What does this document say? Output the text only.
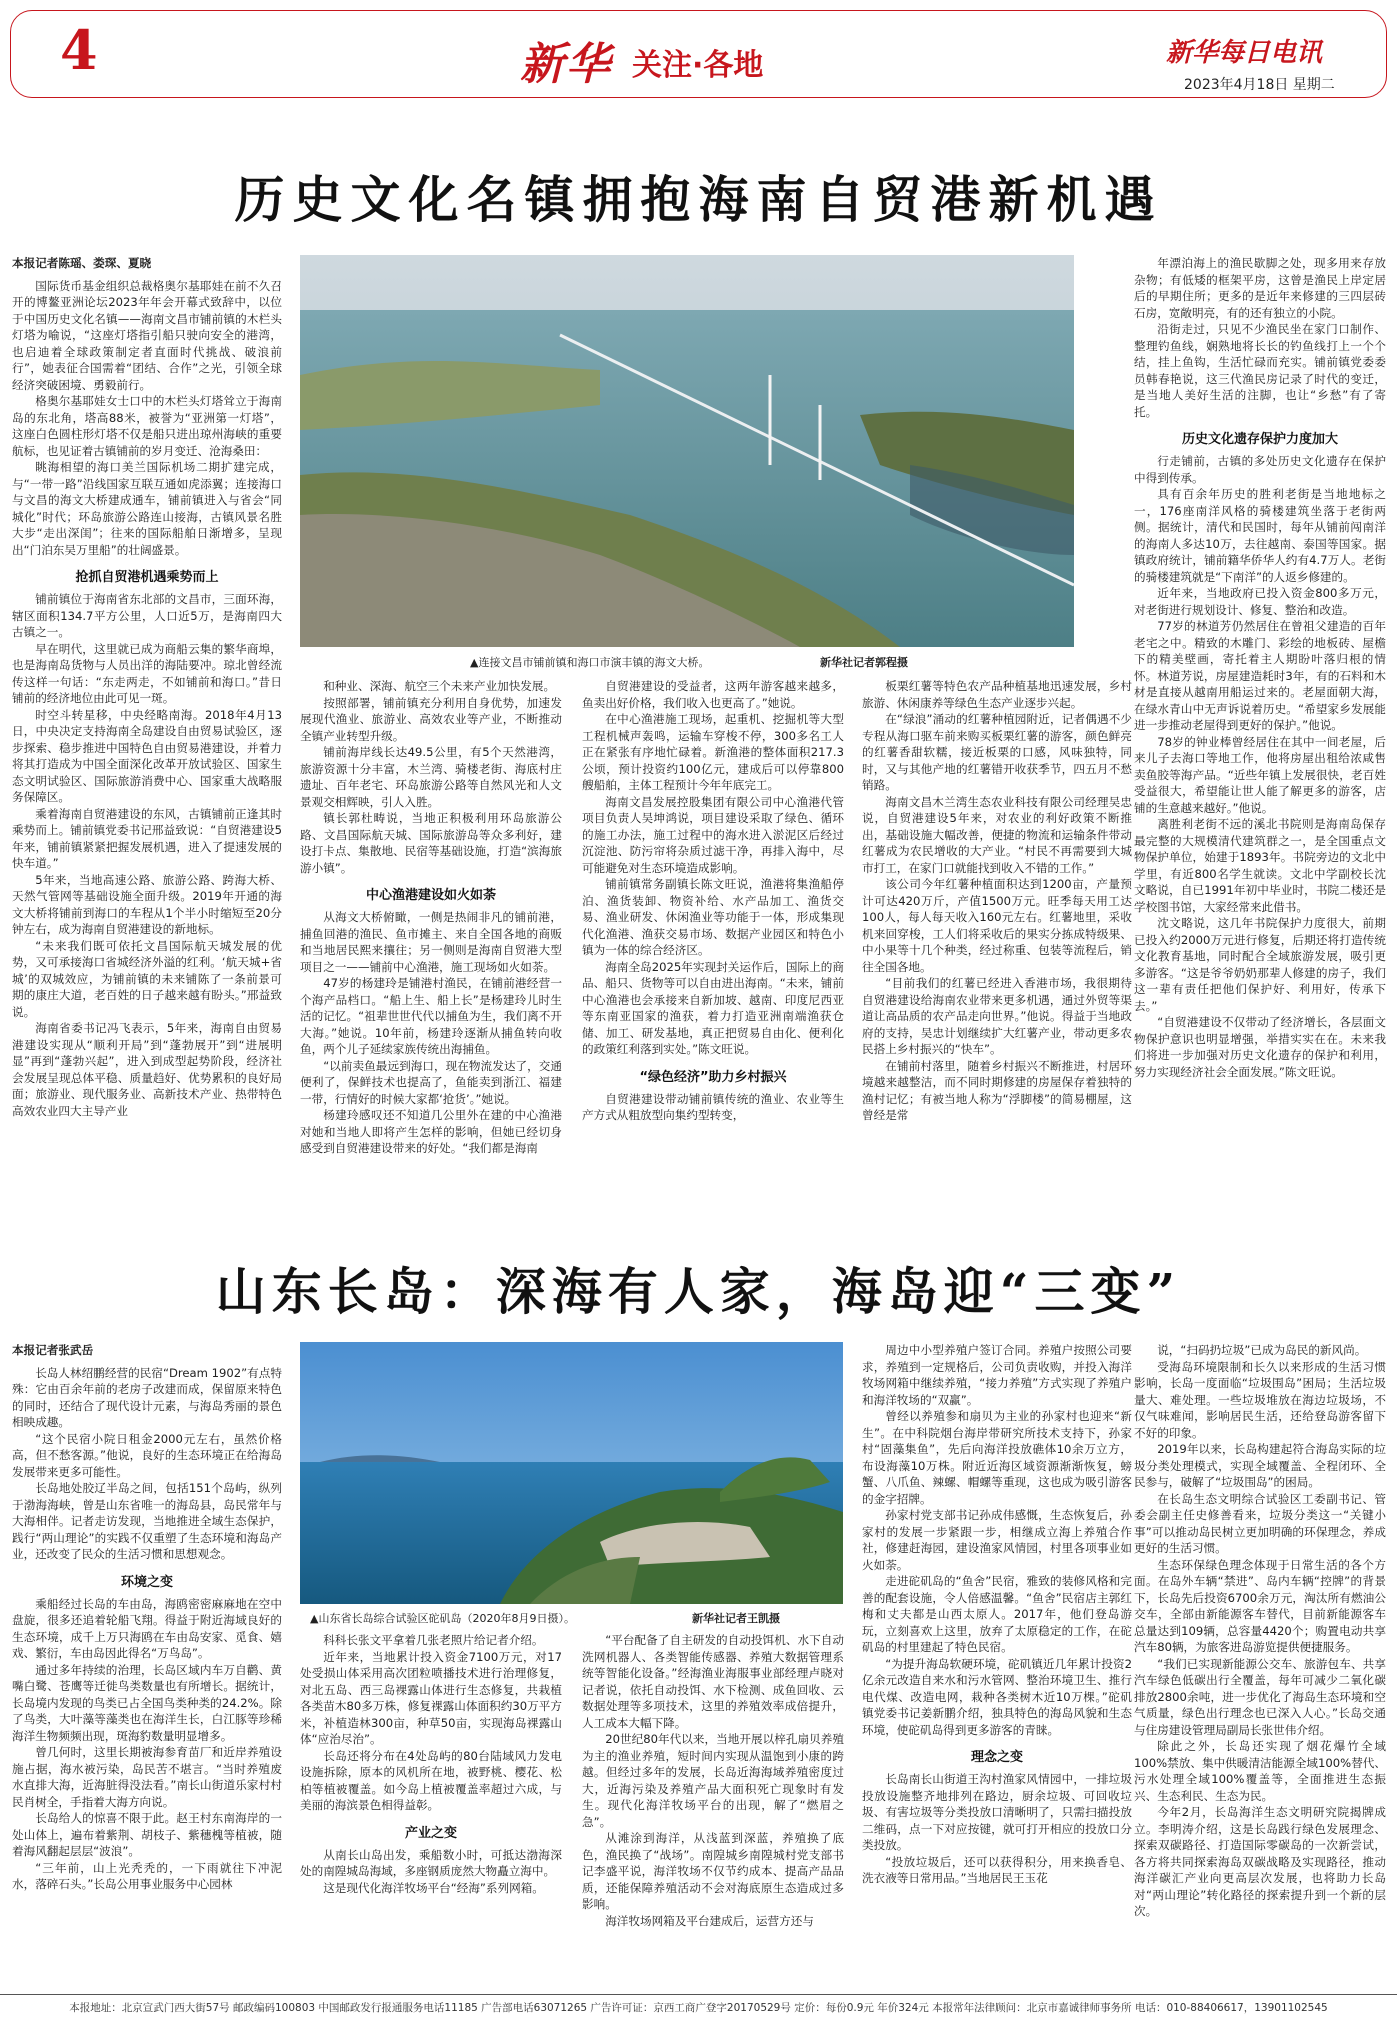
4	新华 关注·各地	新华每日电讯
2023年4月18日 星期二
历史文化名镇拥抱海南自贸港新机遇
▲连接文昌市铺前镇和海口市演丰镇的海文大桥。	新华社记者郭程摄

本报记者陈瑶、娄琛、夏晓

国际货币基金组织总裁格奥尔基耶娃在前不久召开的博鳌亚洲论坛2023年年会开幕式致辞中，以位于中国历史文化名镇——海南文昌市铺前镇的木栏头灯塔为喻说，“这座灯塔指引船只驶向安全的港湾，也启迪着全球政策制定者直面时代挑战、破浪前行”，她表征合国需着“团结、合作”之光，引领全球经济突破困境、勇毅前行。

格奥尔基耶娃女士口中的木栏头灯塔耸立于海南岛的东北角，塔高88米，被誉为“亚洲第一灯塔”，这座白色圆柱形灯塔不仅是船只进出琼州海峡的重要航标，也见证着古镇铺前的岁月变迁、沧海桑田：

眺海相望的海口美兰国际机场二期扩建完成，与“一带一路”沿线国家互联互通如虎添翼；连接海口与文昌的海文大桥建成通车，铺前镇进入与省会“同城化”时代；环岛旅游公路连山接海，古镇风景名胜大步“走出深闺”；往来的国际船舶日渐增多，呈现出“门泊东吴万里船”的壮阔盛景。

抢抓自贸港机遇乘势而上

铺前镇位于海南省东北部的文昌市，三面环海，辖区面积134.7平方公里，人口近5万，是海南四大古镇之一。

早在明代，这里就已成为商船云集的繁华商埠，也是海南岛货物与人员出洋的海陆要冲。琼北曾经流传这样一句话：“东走两走，不如铺前和海口。”昔日铺前的经济地位由此可见一斑。

时空斗转星移，中央经略南海。2018年4月13日，中央决定支持海南全岛建设自由贸易试验区，逐步探索、稳步推进中国特色自由贸易港建设，并着力将其打造成为中国全面深化改革开放试验区、国家生态文明试验区、国际旅游消费中心、国家重大战略服务保障区。

乘着海南自贸港建设的东风，古镇铺前正逢其时乘势而上。铺前镇党委书记邢益致说：“自贸港建设5年来，铺前镇紧紧把握发展机遇，进入了提速发展的快车道。”

5年来，当地高速公路、旅游公路、跨海大桥、天然气管网等基础设施全面升级。2019年开通的海文大桥将铺前到海口的车程从1个半小时缩短至20分钟左右，成为海南自贸港建设的新地标。

“未来我们既可依托文昌国际航天城发展的优势，又可承接海口省城经济外溢的红利。‘航天城+省城’的双城效应，为铺前镇的未来铺陈了一条前景可期的康庄大道，老百姓的日子越来越有盼头。”邢益致说。

海南省委书记冯飞表示，5年来，海南自由贸易港建设实现从“顺利开局”到“蓬勃展开”到“进展明显”再到“蓬勃兴起”，进入到成型起势阶段，经济社会发展呈现总体平稳、质量趋好、优势累积的良好局面；旅游业、现代服务业、高新技术产业、热带特色高效农业四大主导产业

和种业、深海、航空三个未来产业加快发展。

按照部署，铺前镇充分利用自身优势，加速发展现代渔业、旅游业、高效农业等产业，不断推动全镇产业转型升级。

铺前海岸线长达49.5公里，有5个天然港湾，旅游资源十分丰富，木兰湾、骑楼老街、海底村庄遗址、百年老宅、环岛旅游公路等自然风光和人文景观交相辉映，引人入胜。

镇长郭杜畴说，当地正积极利用环岛旅游公路、文昌国际航天城、国际旅游岛等众多利好，建设打卡点、集散地、民宿等基础设施，打造“滨海旅游小镇”。

中心渔港建设如火如荼

从海文大桥俯瞰，一侧是热闹非凡的铺前港，捕鱼回港的渔民、鱼市摊主、来自全国各地的商贩和当地居民熙来攘往；另一侧则是海南自贸港大型项目之一——铺前中心渔港，施工现场如火如荼。

47岁的杨建玲是铺港村渔民，在铺前港经营一个海产品档口。“船上生、船上长”是杨建玲儿时生活的记忆。“祖辈世世代代以捕鱼为生，我们离不开大海。”她说。10年前，杨建玲逐渐从捕鱼转向收鱼，两个儿子延续家族传统出海捕鱼。

“以前卖鱼最远到海口，现在物流发达了，交通便利了，保鲜技术也提高了，鱼能卖到浙江、福建一带，行情好的时候大家都‘抢货’。”她说。

杨建玲感叹还不知道几公里外在建的中心渔港对她和当地人即将产生怎样的影响，但她已经切身感受到自贸港建设带来的好处。“我们都是海南

自贸港建设的受益者，这两年游客越来越多，鱼卖出好价格，我们收入也更高了。”她说。

在中心渔港施工现场，起重机、挖掘机等大型工程机械声轰鸣，运输车穿梭不停，300多名工人正在紧张有序地忙碌着。新渔港的整体面积217.3公顷，预计投资约100亿元，建成后可以停靠800艘船舶，主体工程预计今年年底完工。

海南文昌发展控股集团有限公司中心渔港代管项目负责人吴坤鸿说，项目建设采取了绿色、循环的施工办法，施工过程中的海水进入淤泥区后经过沉淀池、防污帘将杂质过滤干净，再排入海中，尽可能避免对生态环境造成影响。

铺前镇常务副镇长陈文旺说，渔港将集渔船停泊、渔货装卸、物资补给、水产品加工、渔货交易、渔业研发、休闲渔业等功能于一体，形成集现代化渔港、渔获交易市场、数据产业园区和特色小镇为一体的综合经济区。

海南全岛2025年实现封关运作后，国际上的商品、船只、货物等可以自由进出海南。“未来，铺前中心渔港也会承接来自新加坡、越南、印度尼西亚等东南亚国家的渔获，着力打造亚洲南端渔获仓储、加工、研发基地，真正把贸易自由化、便利化的政策红利落到实处。”陈文旺说。

“绿色经济”助力乡村振兴

自贸港建设带动铺前镇传统的渔业、农业等生产方式从粗放型向集约型转变，

板栗红薯等特色农产品种植基地迅速发展，乡村旅游、休闲康养等绿色生态产业逐步兴起。

在“绿浪”涌动的红薯种植园附近，记者偶遇不少专程从海口驱车前来购买板栗红薯的游客，颜色鲜亮的红薯香甜软糯，接近板栗的口感，风味独特，同时，又与其他产地的红薯错开收获季节，四五月不愁销路。

海南文昌木兰湾生态农业科技有限公司经理吴忠说，自贸港建设5年来，对农业的利好政策不断推出，基础设施大幅改善，便捷的物流和运输条件带动红薯成为农民增收的大产业。“村民不再需要到大城市打工，在家门口就能找到收入不错的工作。”

该公司今年红薯种植面积达到1200亩，产量预计可达420万斤，产值1500万元。旺季每天用工达100人，每人每天收入160元左右。红薯地里，采收机来回穿梭，工人们将采收后的果实分拣成特级果、中小果等十几个种类，经过称重、包装等流程后，销往全国各地。

“目前我们的红薯已经进入香港市场，我很期待自贸港建设给海南农业带来更多机遇，通过外贸等渠道让高品质的农产品走向世界。”他说。得益于当地政府的支持，吴忠计划继续扩大红薯产业，带动更多农民搭上乡村振兴的“快车”。

在铺前村落里，随着乡村振兴不断推进，村居环境越来越整洁，而不同时期修建的房屋保存着独特的渔村记忆；有被当地人称为“浮脚楼”的简易棚屋，这曾经是常

年漂泊海上的渔民歇脚之处，现多用来存放杂物；有低矮的框架平房，这曾是渔民上岸定居后的早期住所；更多的是近年来修建的三四层砖石房，宽敞明亮，有的还有独立的小院。

沿街走过，只见不少渔民坐在家门口制作、整理钓鱼线，娴熟地将长长的钓鱼线打上一个个结，挂上鱼钩，生活忙碌而充实。铺前镇党委委员韩春艳说，这三代渔民房记录了时代的变迁，是当地人美好生活的注脚，也让“乡愁”有了寄托。

历史文化遗存保护力度加大

行走铺前，古镇的多处历史文化遗存在保护中得到传承。

具有百余年历史的胜利老街是当地地标之一，176座南洋风格的骑楼建筑坐落于老街两侧。据统计，清代和民国时，每年从铺前闯南洋的海南人多达10万，去往越南、泰国等国家。据镇政府统计，铺前籍华侨华人约有4.7万人。老街的骑楼建筑就是“下南洋”的人返乡修建的。

近年来，当地政府已投入资金800多万元，对老街进行规划设计、修复、整治和改造。

77岁的林道芳仍然居住在曾祖父建造的百年老宅之中。精致的木雕门、彩绘的地板砖、屋檐下的精美壁画，寄托着主人期盼叶落归根的情怀。林道芳说，房屋建造耗时3年，有的石料和木材是直接从越南用船运过来的。老屋面朝大海，在绿水青山中无声诉说着历史。“希望家乡发展能进一步推动老屋得到更好的保护。”他说。

78岁的钟业棒曾经居住在其中一间老屋，后来儿子去海口等地工作，他将房屋出租给浓咸售卖鱼胶等海产品。“近些年镇上发展很快，老百姓受益很大，希望能让世人能了解更多的游客，店铺的生意越来越好。”他说。

离胜利老街不远的溪北书院则是海南岛保存最完整的大规模清代建筑群之一，是全国重点文物保护单位，始建于1893年。书院旁边的文北中学里，有近800名学生就读。文北中学副校长沈文略说，自已1991年初中毕业时，书院二楼还是学校图书馆，大家经常来此借书。

沈文略说，这几年书院保护力度很大，前期已投入约2000万元进行修复，后期还将打造传统文化教育基地，同时配合全域旅游发展，吸引更多游客。“这是爷爷奶奶那辈人修建的房子，我们这一辈有责任把他们保护好、利用好，传承下去。”

“自贸港建设不仅带动了经济增长，各层面文物保护意识也明显增强，举措实实在在。未来我们将进一步加强对历史文化遗存的保护和利用，努力实现经济社会全面发展。”陈文旺说。

山东长岛：深海有人家，海岛迎“三变”
▲山东省长岛综合试验区砣矶岛（2020年8月9日摄）。	新华社记者王凯摄

本报记者张武岳

长岛人林绍鹏经营的民宿“Dream 1902”有点特殊：它由百余年前的老房子改建而成，保留原来特色的同时，还结合了现代设计元素，与海岛秀丽的景色相映成趣。

“这个民宿小院日租金2000元左右，虽然价格高，但不愁客源。”他说，良好的生态环境正在给海岛发展带来更多可能性。

长岛地处胶辽半岛之间，包括151个岛屿，纵列于渤海海峡，曾是山东省唯一的海岛县，岛民常年与大海相伴。记者走访发现，当地推进全域生态保护，践行“两山理论”的实践不仅重塑了生态环境和海岛产业，还改变了民众的生活习惯和思想观念。

环境之变

乘船经过长岛的车由岛，海鸥密密麻麻地在空中盘旋，很多还追着轮船飞翔。得益于附近海域良好的生态环境，成千上万只海鸥在车由岛安家、觅食、嬉戏、繁衍，车由岛因此得名“万鸟岛”。

通过多年持续的治理，长岛区域内车万自鹳、黄嘴白鹭、苍鹰等迁徙鸟类数量也有所增长。据统计，长岛境内发现的鸟类已占全国鸟类种类的24.2%。除了鸟类，大叶藻等藻类也在海洋生长，白江豚等珍稀海洋生物频频出现，斑海豹数量明显增多。

曾几何时，这里长期被海参育苗厂和近岸养殖设施占据，海水被污染，岛民苦不堪言。“当时养殖废水直排大海，近海脏得没法看。”南长山街道乐家村村民肖树全，手指着大海方向说。

长岛给人的惊喜不限于此。赵王村东南海岸的一处山体上，遍布着紫荆、胡枝子、紫穗槐等植被，随着海风翻起层层“波浪”。

“三年前，山上光秃秃的，一下雨就往下冲泥水，落碎石头。”长岛公用事业服务中心园林

科科长张文平拿着几张老照片给记者介绍。

近年来，当地累计投入资金7100万元，对17处受损山体采用高次团粒喷播技术进行治理修复，对北五岛、西三岛裸露山体进行生态修复，共栽植各类苗木80多万株，修复裸露山体面积约30万平方米，补植造林300亩，种草50亩，实现海岛裸露山体“应治尽治”。

长岛还将分布在4处岛屿的80台陆域风力发电设施拆除，原本的风机所在地，被野桃、樱花、松柏等植被覆盖。如今岛上植被覆盖率超过六成，与美丽的海滨景色相得益彰。

产业之变

从南长山岛出发，乘船数小时，可抵达渤海深处的南隍城岛海域，多座钢质庞然大物矗立海中。

这是现代化海洋牧场平台“经海”系列网箱。

“平台配备了自主研发的自动投饵机、水下自动洗网机器人、各类智能传感器、养殖大数据管理系统等智能化设备。”经海渔业海服事业部经理卢晓对记者说，依托自动投饵、水下检测、成鱼回收、云数据处理等多项技术，这里的养殖效率成倍提升，人工成本大幅下降。

20世纪80年代以来，当地开展以梓孔扇贝养殖为主的渔业养殖，短时间内实现从温饱到小康的跨越。但经过多年的发展，长岛近海海域养殖密度过大，近海污染及养殖产品大面积死亡现象时有发生。现代化海洋牧场平台的出现，解了“燃眉之急”。

从滩涂到海洋，从浅蓝到深蓝，养殖换了底色，渔民换了“战场”。南隍城乡南隍城村党支部书记李盛平说，海洋牧场不仅节约成本、提高产品品质，还能保障养殖活动不会对海底原生态造成过多影响。

海洋牧场网箱及平台建成后，运营方还与

周边中小型养殖户签订合同。养殖户按照公司要求，养殖到一定规格后，公司负责收购，并投入海洋牧场网箱中继续养殖，“接力养殖”方式实现了养殖户和海洋牧场的“双赢”。

曾经以养殖参和扇贝为主业的孙家村也迎来“新生”。在中科院烟台海岸带研究所技术支持下，孙家村“固藻集鱼”，先后向海洋投放礁体10余万立方，布设海藻10万株。附近近海区域资源渐渐恢复，螃蟹、八爪鱼、辣螺、帽螺等重现，这也成为吸引游客的金字招牌。

孙家村党支部书记孙成伟感慨，生态恢复后，孙家村的发展一步紧跟一步，相继成立海上养殖合作社，修建赶海园，建设渔家风情园，村里各项事业如火如荼。

走进砣矶岛的“鱼舍”民宿，雅致的装修风格和完善的配套设施，令人倍感温馨。“鱼舍”民宿店主郭红梅和丈夫都是山西太原人。2017年，他们登岛游玩，立刻喜欢上这里，放弃了太原稳定的工作，在砣矶岛的村里建起了特色民宿。

“为提升海岛软硬环境，砣矶镇近几年累计投资2亿余元改造自来水和污水管网、整治环境卫生、推行电代煤、改造电网，栽种各类树木近10万棵。”砣矶镇党委书记姜新鹏介绍，独具特色的海岛风貌和生态环境，使砣矶岛得到更多游客的青睐。

理念之变

长岛南长山街道王沟村渔家风情园中，一排垃圾投放设施整齐地排列在路边，厨余垃圾、可回收垃圾、有害垃圾等分类投放口清晰明了，只需扫描投放二维码，点一下对应按键，就可打开相应的投放口分类投放。

“投放垃圾后，还可以获得积分，用来换香皂、洗衣液等日常用品。”当地居民王玉花

说，“扫码扔垃圾”已成为岛民的新风尚。

受海岛环境限制和长久以来形成的生活习惯影响，长岛一度面临“垃圾围岛”困局；生活垃圾量大、难处理。一些垃圾堆放在海边垃圾场，不仅气味难闻，影响居民生活，还给登岛游客留下不好的印象。

2019年以来，长岛构建起符合海岛实际的垃圾分类处理模式，实现全域覆盖、全程闭环、全民参与，破解了“垃圾围岛”的困局。

在长岛生态文明综合试验区工委副书记、管委会副主任史修善看来，垃圾分类这一“关键小事”可以推动岛民树立更加明确的环保理念，养成更好的生活习惯。

生态环保绿色理念体现于日常生活的各个方面。在岛外车辆“禁进”、岛内车辆“控牌”的背景下，长岛先后投资6700余万元，淘汰所有燃油公交车，全部由新能源客车替代，目前新能源客车总量达到109辆，总容量4420个；购置电动共享汽车80辆，为旅客进岛游览提供便捷服务。

“我们已实现新能源公交车、旅游包车、共享汽车绿色低碳出行全覆盖，每年可减少二氧化碳排放2800余吨，进一步优化了海岛生态环境和空气质量，绿色出行理念也已深入人心。”长岛交通与住房建设管理局副局长张世伟介绍。

除此之外，长岛还实现了烟花爆竹全域100%禁放、集中供暖清洁能源全域100%替代、污水处理全域100%覆盖等，全面推进生态振兴、生态利民、生态为民。

今年2月，长岛海洋生态文明研究院揭牌成立。李明涛介绍，这是长岛践行绿色发展理念、探索双碳路径、打造国际零碳岛的一次新尝试，各方将共同探索海岛双碳战略及实现路径，推动海洋碳汇产业向更高层次发展，也将助力长岛对“两山理论”转化路径的探索提升到一个新的层次。

本报地址：北京宣武门西大街57号 邮政编码100803 中国邮政发行报通服务电话11185 广告部电话63071265 广告许可证：京西工商广登字20170529号 定价：每份0.9元 年价324元 本报常年法律顾问：北京市嘉诚律师事务所 电话：010-88406617，13901102545
